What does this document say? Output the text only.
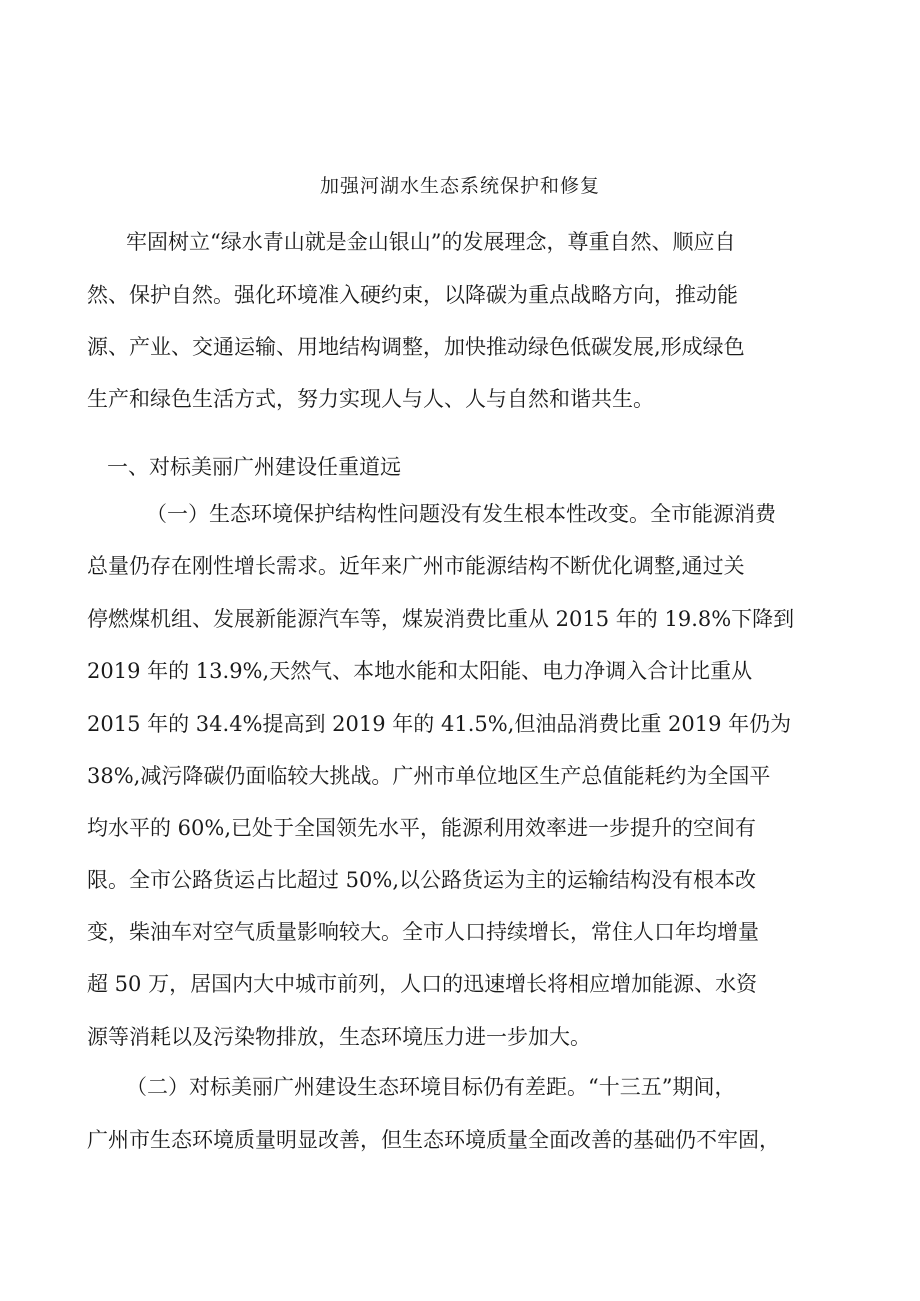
加强河湖水生态系统保护和修复
牢固树立“绿水青山就是金山银山”的发展理念，尊重自然、顺应自
然、保护自然。强化环境准入硬约束，以降碳为重点战略方向，推动能
源、产业、交通运输、用地结构调整，加快推动绿色低碳发展,形成绿色
生产和绿色生活方式，努力实现人与人、人与自然和谐共生。
一、对标美丽广州建设任重道远
（一）生态环境保护结构性问题没有发生根本性改变。全市能源消费
总量仍存在刚性增长需求。近年来广州市能源结构不断优化调整,通过关
停燃煤机组、发展新能源汽车等，煤炭消费比重从 2015 年的 19.8%下降到
2019 年的 13.9%,天然气、本地水能和太阳能、电力净调入合计比重从
2015 年的 34.4%提高到 2019 年的 41.5%,但油品消费比重 2019 年仍为
38%,减污降碳仍面临较大挑战。广州市单位地区生产总值能耗约为全国平
均水平的 60%,已处于全国领先水平，能源利用效率进一步提升的空间有
限。全市公路货运占比超过 50%,以公路货运为主的运输结构没有根本改
变，柴油车对空气质量影响较大。全市人口持续增长，常住人口年均增量
超 50 万，居国内大中城市前列，人口的迅速增长将相应增加能源、水资
源等消耗以及污染物排放，生态环境压力进一步加大。
（二）对标美丽广州建设生态环境目标仍有差距。“十三五”期间，
广州市生态环境质量明显改善，但生态环境质量全面改善的基础仍不牢固，
